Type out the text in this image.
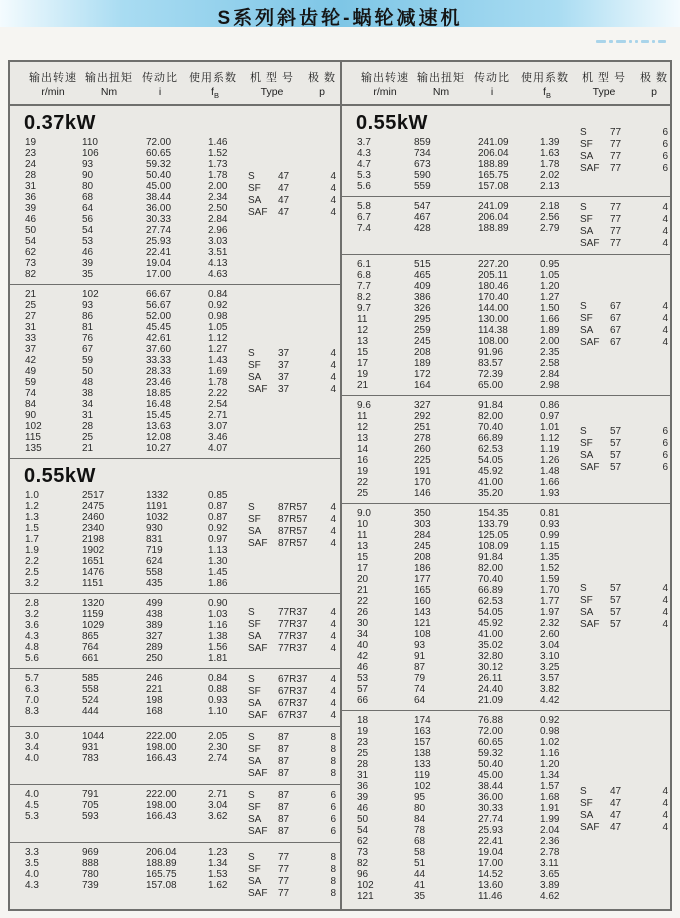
S系列斜齿轮-蜗轮减速机
输出转速 输出扭矩 传动比 使用系数 机 型 号 极 数
r/min	Nm	i	$f_B$	Type	p
0.37kW
19	110	72.00	1.46
23	106	60.65	1.52
24	93	59.32	1.73
28	90	50.40	1.78
31	80	45.00	2.00
36	68	38.44	2.34
39	64	36.00	2.50
46	56	30.33	2.84
50	54	27.74	2.96
54	53	25.93	3.03
62	46	22.41	3.51
73	39	19.04	4.13
82	35	17.00	4.63
S	47	4
SF	47	4
SA	47	4
SAF	47	4
21	102	66.67	0.84
25	93	56.67	0.92
27	86	52.00	0.98
31	81	45.45	1.05
33	76	42.61	1.12
37	67	37.60	1.27
42	59	33.33	1.43
49	50	28.33	1.69
59	48	23.46	1.78
74	38	18.85	2.22
84	34	16.48	2.54
90	31	15.45	2.71
102	28	13.63	3.07
115	25	12.08	3.46
135	21	10.27	4.07
S	37	4
SF	37	4
SA	37	4
SAF	37	4
0.55kW
1.0	2517	1332	0.85
1.2	2475	1191	0.87
1.3	2460	1032	0.87
1.5	2340	930	0.92
1.7	2198	831	0.97
1.9	1902	719	1.13
2.2	1651	624	1.30
2.5	1476	558	1.45
3.2	1151	435	1.86
S	87R57	4
SF	87R57	4
SA	87R57	4
SAF	87R57	4
2.8	1320	499	0.90
3.2	1159	438	1.03
3.6	1029	389	1.16
4.3	865	327	1.38
4.8	764	289	1.56
5.6	661	250	1.81
S	77R37	4
SF	77R37	4
SA	77R37	4
SAF	77R37	4
5.7	585	246	0.84
6.3	558	221	0.88
7.0	524	198	0.93
8.3	444	168	1.10
S	67R37	4
SF	67R37	4
SA	67R37	4
SAF	67R37	4
3.0	1044	222.00	2.05
3.4	931	198.00	2.30
4.0	783	166.43	2.74
S	87	8
SF	87	8
SA	87	8
SAF	87	8
4.0	791	222.00	2.71
4.5	705	198.00	3.04
5.3	593	166.43	3.62
S	87	6
SF	87	6
SA	87	6
SAF	87	6
3.3	969	206.04	1.23
3.5	888	188.89	1.34
4.0	780	165.75	1.53
4.3	739	157.08	1.62
S	77	8
SF	77	8
SA	77	8
SAF	77	8
输出转速 输出扭矩 传动比 使用系数 机 型 号 极 数
r/min	Nm	i	$f_B$	Type	p
0.55kW
3.7	859	241.09	1.39
4.3	734	206.04	1.63
4.7	673	188.89	1.78
5.3	590	165.75	2.02
5.6	559	157.08	2.13
S	77	6
SF	77	6
SA	77	6
SAF	77	6
5.8	547	241.09	2.18
6.7	467	206.04	2.56
7.4	428	188.89	2.79
S	77	4
SF	77	4
SA	77	4
SAF	77	4
6.1	515	227.20	0.95
6.8	465	205.11	1.05
7.7	409	180.46	1.20
8.2	386	170.40	1.27
9.7	326	144.00	1.50
11	295	130.00	1.66
12	259	114.38	1.89
13	245	108.00	2.00
15	208	91.96	2.35
17	189	83.57	2.58
19	172	72.39	2.84
21	164	65.00	2.98
S	67	4
SF	67	4
SA	67	4
SAF	67	4
9.6	327	91.84	0.86
11	292	82.00	0.97
12	251	70.40	1.01
13	278	66.89	1.12
14	260	62.53	1.19
16	225	54.05	1.26
19	191	45.92	1.48
22	170	41.00	1.66
25	146	35.20	1.93
S	57	6
SF	57	6
SA	57	6
SAF	57	6
9.0	350	154.35	0.81
10	303	133.79	0.93
11	284	125.05	0.99
13	245	108.09	1.15
15	208	91.84	1.35
17	186	82.00	1.52
20	177	70.40	1.59
21	165	66.89	1.70
22	160	62.53	1.77
26	143	54.05	1.97
30	121	45.92	2.32
34	108	41.00	2.60
40	93	35.02	3.04
42	91	32.80	3.10
46	87	30.12	3.25
53	79	26.11	3.57
57	74	24.40	3.82
66	64	21.09	4.42
S	57	4
SF	57	4
SA	57	4
SAF	57	4
18	174	76.88	0.92
19	163	72.00	0.98
23	157	60.65	1.02
25	138	59.32	1.16
28	133	50.40	1.20
31	119	45.00	1.34
36	102	38.44	1.57
39	95	36.00	1.68
46	80	30.33	1.91
50	84	27.74	1.99
54	78	25.93	2.04
62	68	22.41	2.36
73	58	19.04	2.78
82	51	17.00	3.11
96	44	14.52	3.65
102	41	13.60	3.89
121	35	11.46	4.62
S	47	4
SF	47	4
SA	47	4
SAF	47	4
